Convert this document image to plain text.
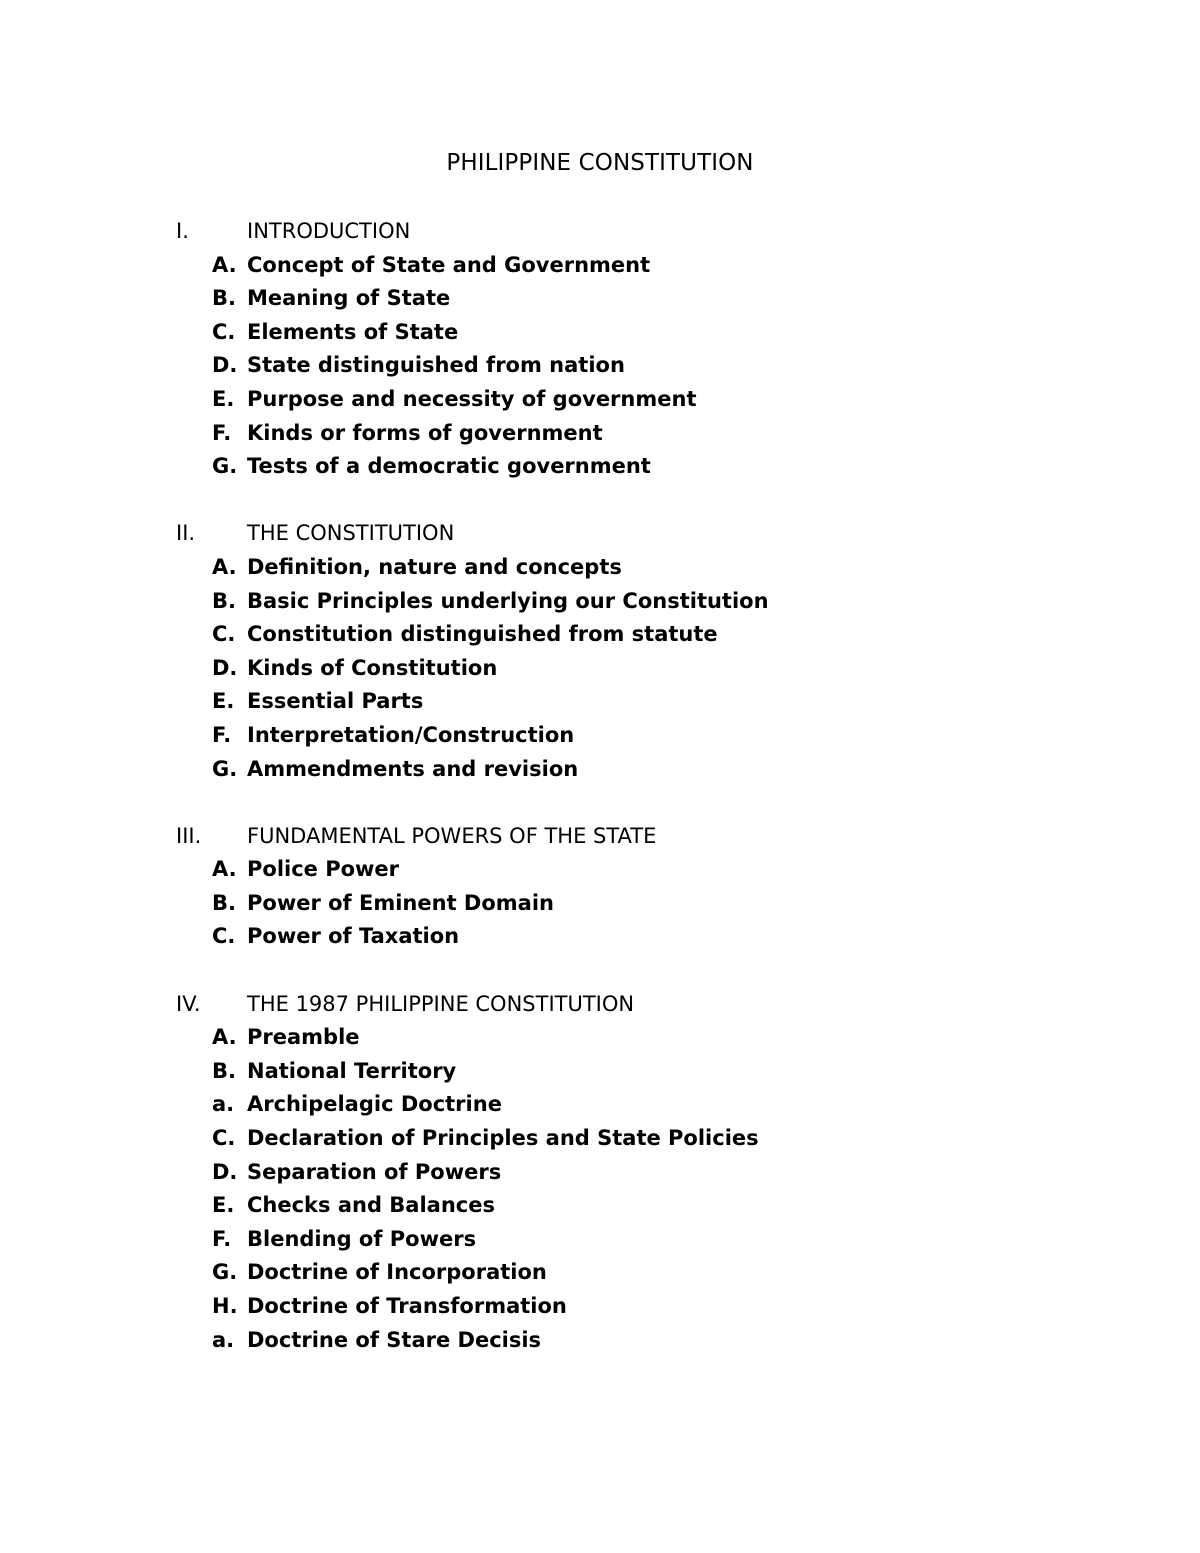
PHILIPPINE CONSTITUTION
I.	INTRODUCTION
A. Concept of State and Government
B. Meaning of State
C. Elements of State
D. State distinguished from nation
E. Purpose and necessity of government
F. Kinds or forms of government
G. Tests of a democratic government
II.	THE CONSTITUTION
A. Definition, nature and concepts
B. Basic Principles underlying our Constitution
C. Constitution distinguished from statute
D. Kinds of Constitution
E. Essential Parts
F. Interpretation/Construction
G. Ammendments and revision
III.	FUNDAMENTAL POWERS OF THE STATE
A. Police Power
B. Power of Eminent Domain
C. Power of Taxation
IV.	THE 1987 PHILIPPINE CONSTITUTION
A. Preamble
B. National Territory
a. Archipelagic Doctrine
C. Declaration of Principles and State Policies
D. Separation of Powers
E. Checks and Balances
F. Blending of Powers
G. Doctrine of Incorporation
H. Doctrine of Transformation
a. Doctrine of Stare Decisis
